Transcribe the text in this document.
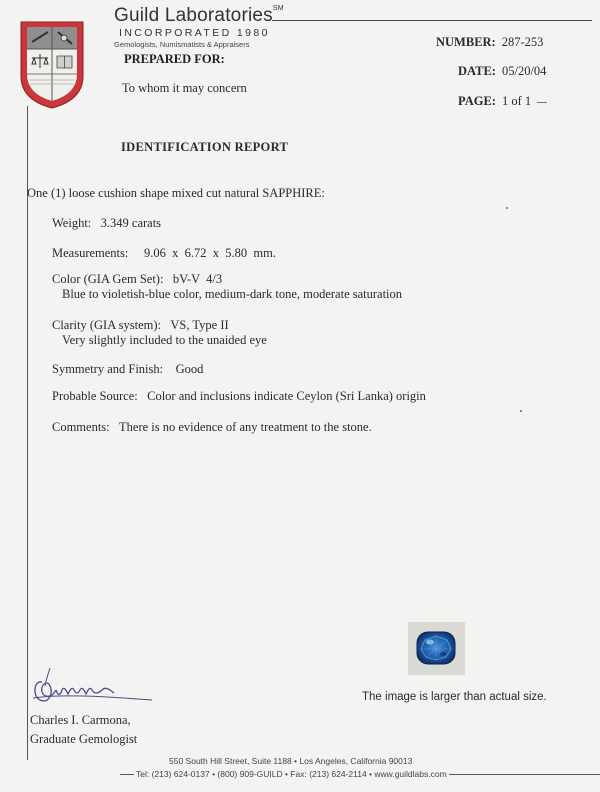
Guild Laboratories℠
INCORPORATED 1980
Gemologists, Numismatists & Appraisers
PREPARED FOR:
To whom it may concern
NUMBER: 287-253
DATE: 05/20/04
PAGE: 1 of 1
IDENTIFICATION REPORT
One (1) loose cushion shape mixed cut natural SAPPHIRE:
Weight: 3.349 carats
Measurements: 9.06  x  6.72  x  5.80  mm.
Color (GIA Gem Set): bV-V  4/3
Blue to violetish-blue color, medium-dark tone, moderate saturation
Clarity (GIA system): VS, Type II
Very slightly included to the unaided eye
Symmetry and Finish: Good
Probable Source: Color and inclusions indicate Ceylon (Sri Lanka) origin
Comments: There is no evidence of any treatment to the stone.
The image is larger than actual size.
Charles I. Carmona,
Graduate Gemologist
550 South Hill Street, Suite 1188 • Los Angeles, California 90013
Tel: (213) 624-0137 • (800) 909-GUILD • Fax: (213) 624-2114 • www.guildlabs.com
